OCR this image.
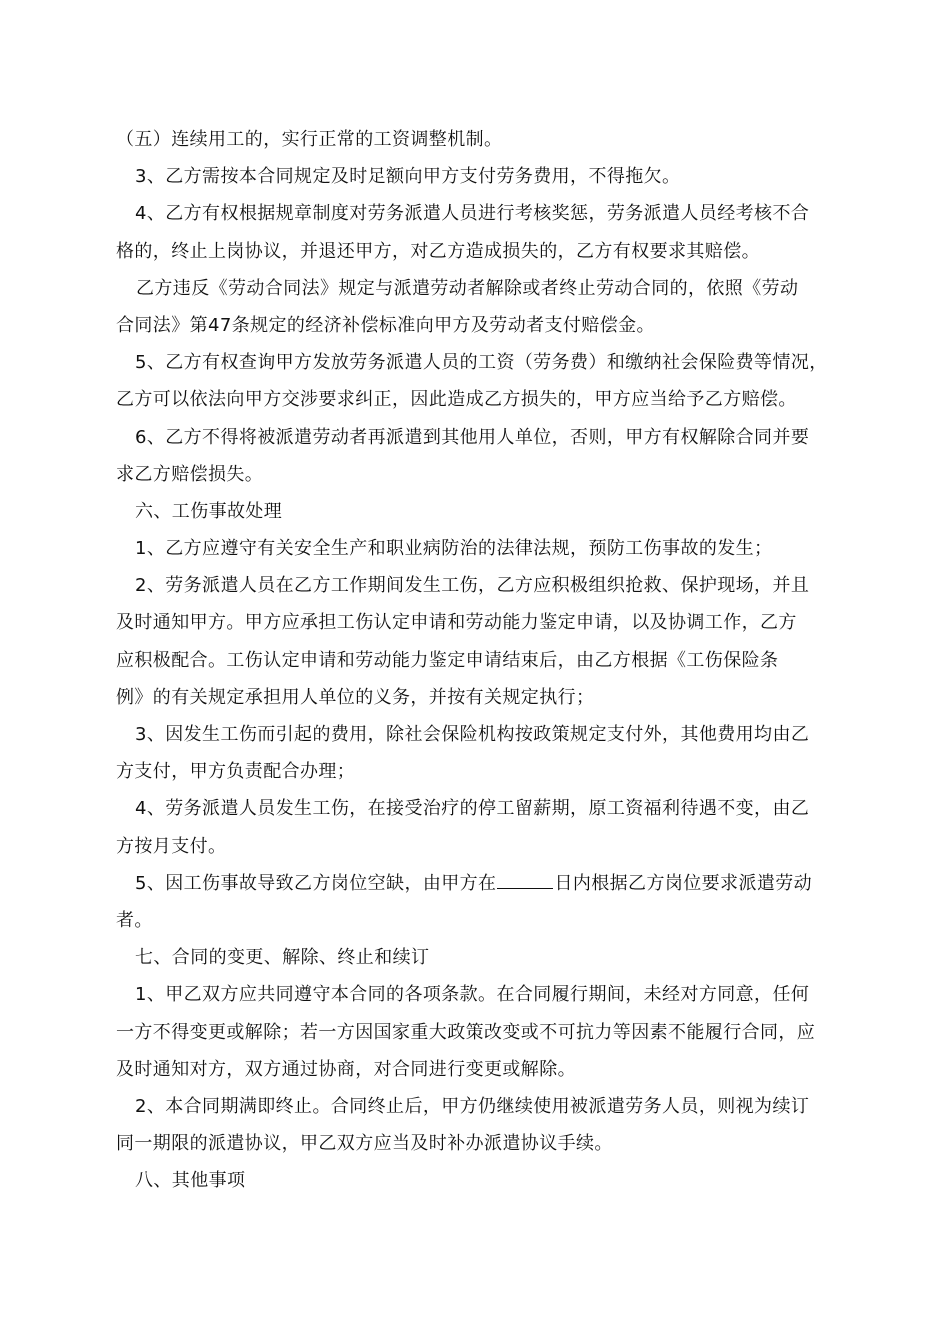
（五）连续用工的，实行正常的工资调整机制。
3、乙方需按本合同规定及时足额向甲方支付劳务费用，不得拖欠。
4、乙方有权根据规章制度对劳务派遣人员进行考核奖惩，劳务派遣人员经考核不合
格的，终止上岗协议，并退还甲方，对乙方造成损失的，乙方有权要求其赔偿。
乙方违反《劳动合同法》规定与派遣劳动者解除或者终止劳动合同的，依照《劳动
合同法》第47条规定的经济补偿标准向甲方及劳动者支付赔偿金。
5、乙方有权查询甲方发放劳务派遣人员的工资（劳务费）和缴纳社会保险费等情况，
乙方可以依法向甲方交涉要求纠正，因此造成乙方损失的，甲方应当给予乙方赔偿。
6、乙方不得将被派遣劳动者再派遣到其他用人单位，否则，甲方有权解除合同并要
求乙方赔偿损失。
六、工伤事故处理
1、乙方应遵守有关安全生产和职业病防治的法律法规，预防工伤事故的发生；
2、劳务派遣人员在乙方工作期间发生工伤，乙方应积极组织抢救、保护现场，并且
及时通知甲方。甲方应承担工伤认定申请和劳动能力鉴定申请，以及协调工作，乙方
应积极配合。工伤认定申请和劳动能力鉴定申请结束后，由乙方根据《工伤保险条
例》的有关规定承担用人单位的义务，并按有关规定执行；
3、因发生工伤而引起的费用，除社会保险机构按政策规定支付外，其他费用均由乙
方支付，甲方负责配合办理；
4、劳务派遣人员发生工伤，在接受治疗的停工留薪期，原工资福利待遇不变，由乙
方按月支付。
5、因工伤事故导致乙方岗位空缺，由甲方在	日内根据乙方岗位要求派遣劳动
者。
七、合同的变更、解除、终止和续订
1、甲乙双方应共同遵守本合同的各项条款。在合同履行期间，未经对方同意，任何
一方不得变更或解除；若一方因国家重大政策改变或不可抗力等因素不能履行合同，应
及时通知对方，双方通过协商，对合同进行变更或解除。
2、本合同期满即终止。合同终止后，甲方仍继续使用被派遣劳务人员，则视为续订
同一期限的派遣协议，甲乙双方应当及时补办派遣协议手续。
八、其他事项
